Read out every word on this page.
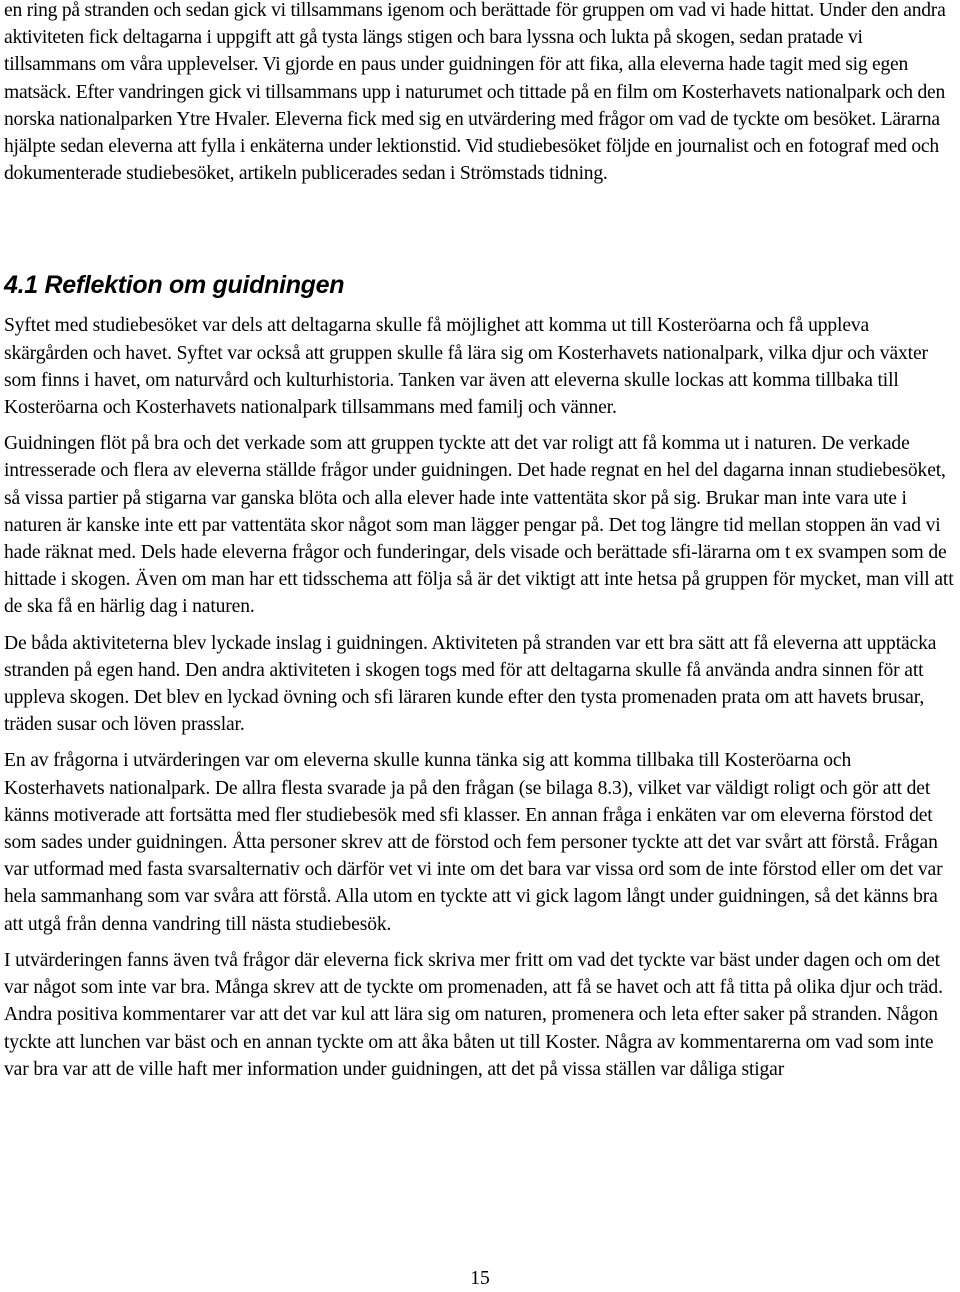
en ring på stranden och sedan gick vi tillsammans igenom och berättade för gruppen om vad vi hade hittat. Under den andra aktiviteten fick deltagarna i uppgift att gå tysta längs stigen och bara lyssna och lukta på skogen, sedan pratade vi tillsammans om våra upplevelser. Vi gjorde en paus under guidningen för att fika, alla eleverna hade tagit med sig egen matsäck. Efter vandringen gick vi tillsammans upp i naturumet och tittade på en film om Kosterhavets nationalpark och den norska nationalparken Ytre Hvaler. Eleverna fick med sig en utvärdering med frågor om vad de tyckte om besöket. Lärarna hjälpte sedan eleverna att fylla i enkäterna under lektionstid. Vid studiebesöket följde en journalist och en fotograf med och dokumenterade studiebesöket, artikeln publicerades sedan i Strömstads tidning.

4.1 Reflektion om guidningen

Syftet med studiebesöket var dels att deltagarna skulle få möjlighet att komma ut till Kosteröarna och få uppleva skärgården och havet. Syftet var också att gruppen skulle få lära sig om Kosterhavets nationalpark, vilka djur och växter som finns i havet, om naturvård och kulturhistoria. Tanken var även att eleverna skulle lockas att komma tillbaka till Kosteröarna och Kosterhavets nationalpark tillsammans med familj och vänner.

Guidningen flöt på bra och det verkade som att gruppen tyckte att det var roligt att få komma ut i naturen. De verkade intresserade och flera av eleverna ställde frågor under guidningen. Det hade regnat en hel del dagarna innan studiebesöket, så vissa partier på stigarna var ganska blöta och alla elever hade inte vattentäta skor på sig. Brukar man inte vara ute i naturen är kanske inte ett par vattentäta skor något som man lägger pengar på. Det tog längre tid mellan stoppen än vad vi hade räknat med. Dels hade eleverna frågor och funderingar, dels visade och berättade sfi-lärarna om t ex svampen som de hittade i skogen. Även om man har ett tidsschema att följa så är det viktigt att inte hetsa på gruppen för mycket, man vill att de ska få en härlig dag i naturen.

De båda aktiviteterna blev lyckade inslag i guidningen. Aktiviteten på stranden var ett bra sätt att få eleverna att upptäcka stranden på egen hand. Den andra aktiviteten i skogen togs med för att deltagarna skulle få använda andra sinnen för att uppleva skogen. Det blev en lyckad övning och sfi läraren kunde efter den tysta promenaden prata om att havets brusar, träden susar och löven prasslar.

En av frågorna i utvärderingen var om eleverna skulle kunna tänka sig att komma tillbaka till Kosteröarna och Kosterhavets nationalpark. De allra flesta svarade ja på den frågan (se bilaga 8.3), vilket var väldigt roligt och gör att det känns motiverade att fortsätta med fler studiebesök med sfi klasser. En annan fråga i enkäten var om eleverna förstod det som sades under guidningen. Åtta personer skrev att de förstod och fem personer tyckte att det var svårt att förstå. Frågan var utformad med fasta svarsalternativ och därför vet vi inte om det bara var vissa ord som de inte förstod eller om det var hela sammanhang som var svåra att förstå. Alla utom en tyckte att vi gick lagom långt under guidningen, så det känns bra att utgå från denna vandring till nästa studiebesök.

I utvärderingen fanns även två frågor där eleverna fick skriva mer fritt om vad det tyckte var bäst under dagen och om det var något som inte var bra. Många skrev att de tyckte om promenaden, att få se havet och att få titta på olika djur och träd. Andra positiva kommentarer var att det var kul att lära sig om naturen, promenera och leta efter saker på stranden. Någon tyckte att lunchen var bäst och en annan tyckte om att åka båten ut till Koster. Några av kommentarerna om vad som inte var bra var att de ville haft mer information under guidningen, att det på vissa ställen var dåliga stigar

15
